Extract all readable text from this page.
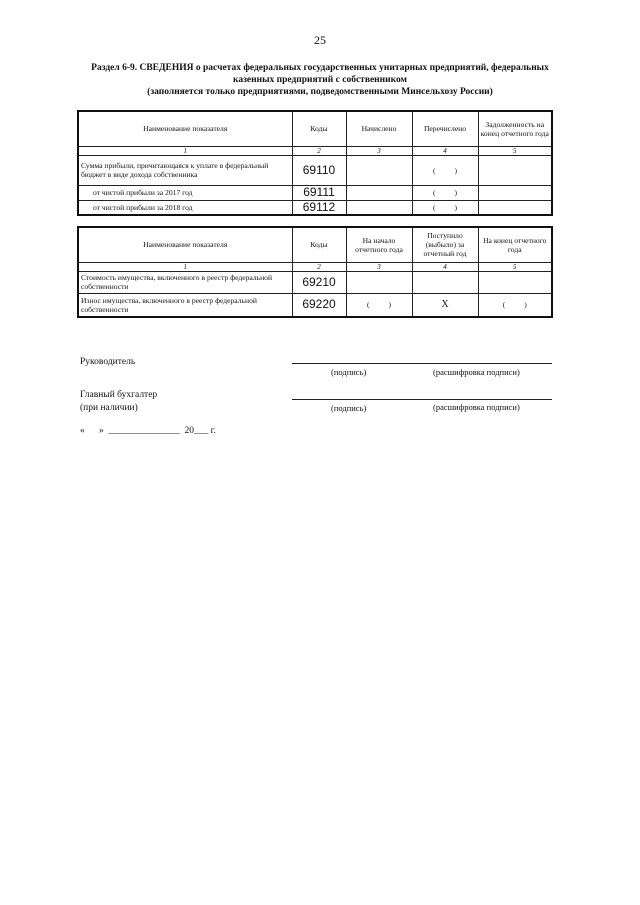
25
Раздел 6-9. СВЕДЕНИЯ о расчетах федеральных государственных унитарных предприятий, федеральных
казенных предприятий с собственником
(заполняется только предприятиями, подведомственными Минсельхозу России)
Наименование показателя	Коды	Начислено	Перечислено	Задолженность на конец отчетного года
1	2	3	4	5
Сумма прибыли, причитающаяся к уплате в федеральный бюджет в виде дохода собственника	69110		(          )	
от чистой прибыли за 2017 год	69111		(          )	
от чистой прибыли за 2018 год	69112		(          )	
Наименование показателя	Коды	На начало отчетного года	Поступило (выбыло) за отчетный год	На конец отчетного года
1	2	3	4	5
Стоимость имущества, включенного в реестр федеральной собственности	69210			
Износ имущества, включенного в реестр федеральной собственности	69220	(          )	X	(          )
Руководитель
(подпись)	(расшифровка подписи)
Главный бухгалтер
(при наличии)	(подпись)	(расшифровка подписи)
«      »  _______________  20___ г.
